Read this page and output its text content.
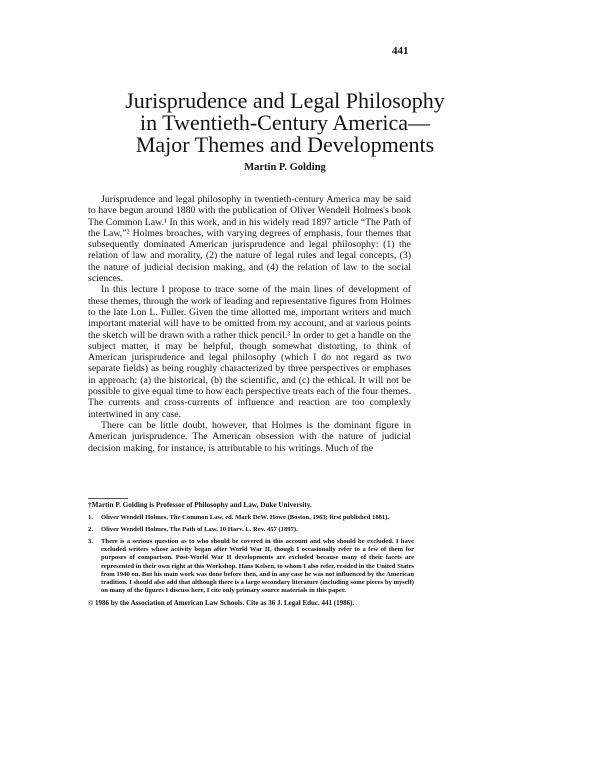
441
Jurisprudence and Legal Philosophy
in Twentieth-Century America—
Major Themes and Developments
Martin P. Golding

Jurisprudence and legal philosophy in twentieth-century America may be said to have begun around 1880 with the publication of Oliver Wendell Holmes's book The Common Law.¹ In this work, and in his widely read 1897 article “The Path of the Law,”² Holmes broaches, with varying degrees of emphasis, four themes that subsequently dominated American jurisprudence and legal philosophy: (1) the relation of law and morality, (2) the nature of legal rules and legal concepts, (3) the nature of judicial decision making, and (4) the relation of law to the social sciences.

In this lecture I propose to trace some of the main lines of development of these themes, through the work of leading and representative figures from Holmes to the late Lon L. Fuller. Given the time allotted me, important writers and much important material will have to be omitted from my account, and at various points the sketch will be drawn with a rather thick pencil.³ In order to get a handle on the subject matter, it may be helpful, though somewhat distorting, to think of American jurisprudence and legal philosophy (which I do not regard as two separate fields) as being roughly characterized by three perspectives or emphases in approach: (a) the historical, (b) the scientific, and (c) the ethical. It will not be possible to give equal time to how each perspective treats each of the four themes. The currents and cross-currents of influence and reaction are too complexly intertwined in any case.

There can be little doubt, however, that Holmes is the dominant figure in American jurisprudence. The American obsession with the nature of judicial decision making, for instance, is attributable to his writings. Much of the

†Martin P. Golding is Professor of Philosophy and Law, Duke University.

1. Oliver Wendell Holmes, The Common Law, ed. Mark DeW. Howe (Boston, 1963; first published 1881).

2. Oliver Wendell Holmes, The Path of Law, 10 Harv. L. Rev. 457 (1897).

3. There is a serious question as to who should be covered in this account and who should be excluded. I have excluded writers whose activity began after World War II, though I occasionally refer to a few of them for purposes of comparison. Post-World War II developments are excluded because many of their facets are represented in their own right at this Workshop. Hans Kelsen, to whom I also refer, resided in the United States from 1940 on. But his main work was done before then, and in any case he was not influenced by the American tradition. I should also add that although there is a large secondary literature (including some pieces by myself) on many of the figures I discuss here, I cite only primary source materials in this paper.

© 1986 by the Association of American Law Schools. Cite as 36 J. Legal Educ. 441 (1986).
